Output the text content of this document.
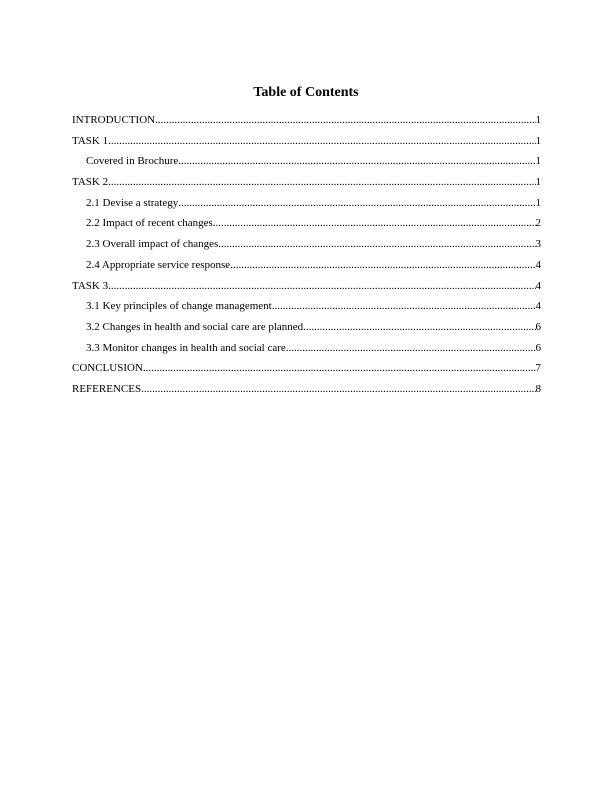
Table of Contents
INTRODUCTION .....	1
TASK 1 .....	1
Covered in Brochure .....	1
TASK 2 .....	1
2.1 Devise a strategy .....	1
2.2 Impact of recent changes .....	2
2.3 Overall impact of changes .....	3
2.4 Appropriate service response .....	4
TASK 3 .....	4
3.1 Key principles of change management .....	4
3.2 Changes in health and social care are planned .....	6
3.3 Monitor changes in health and social care .....	6
CONCLUSION .....	7
REFERENCES .....	8
